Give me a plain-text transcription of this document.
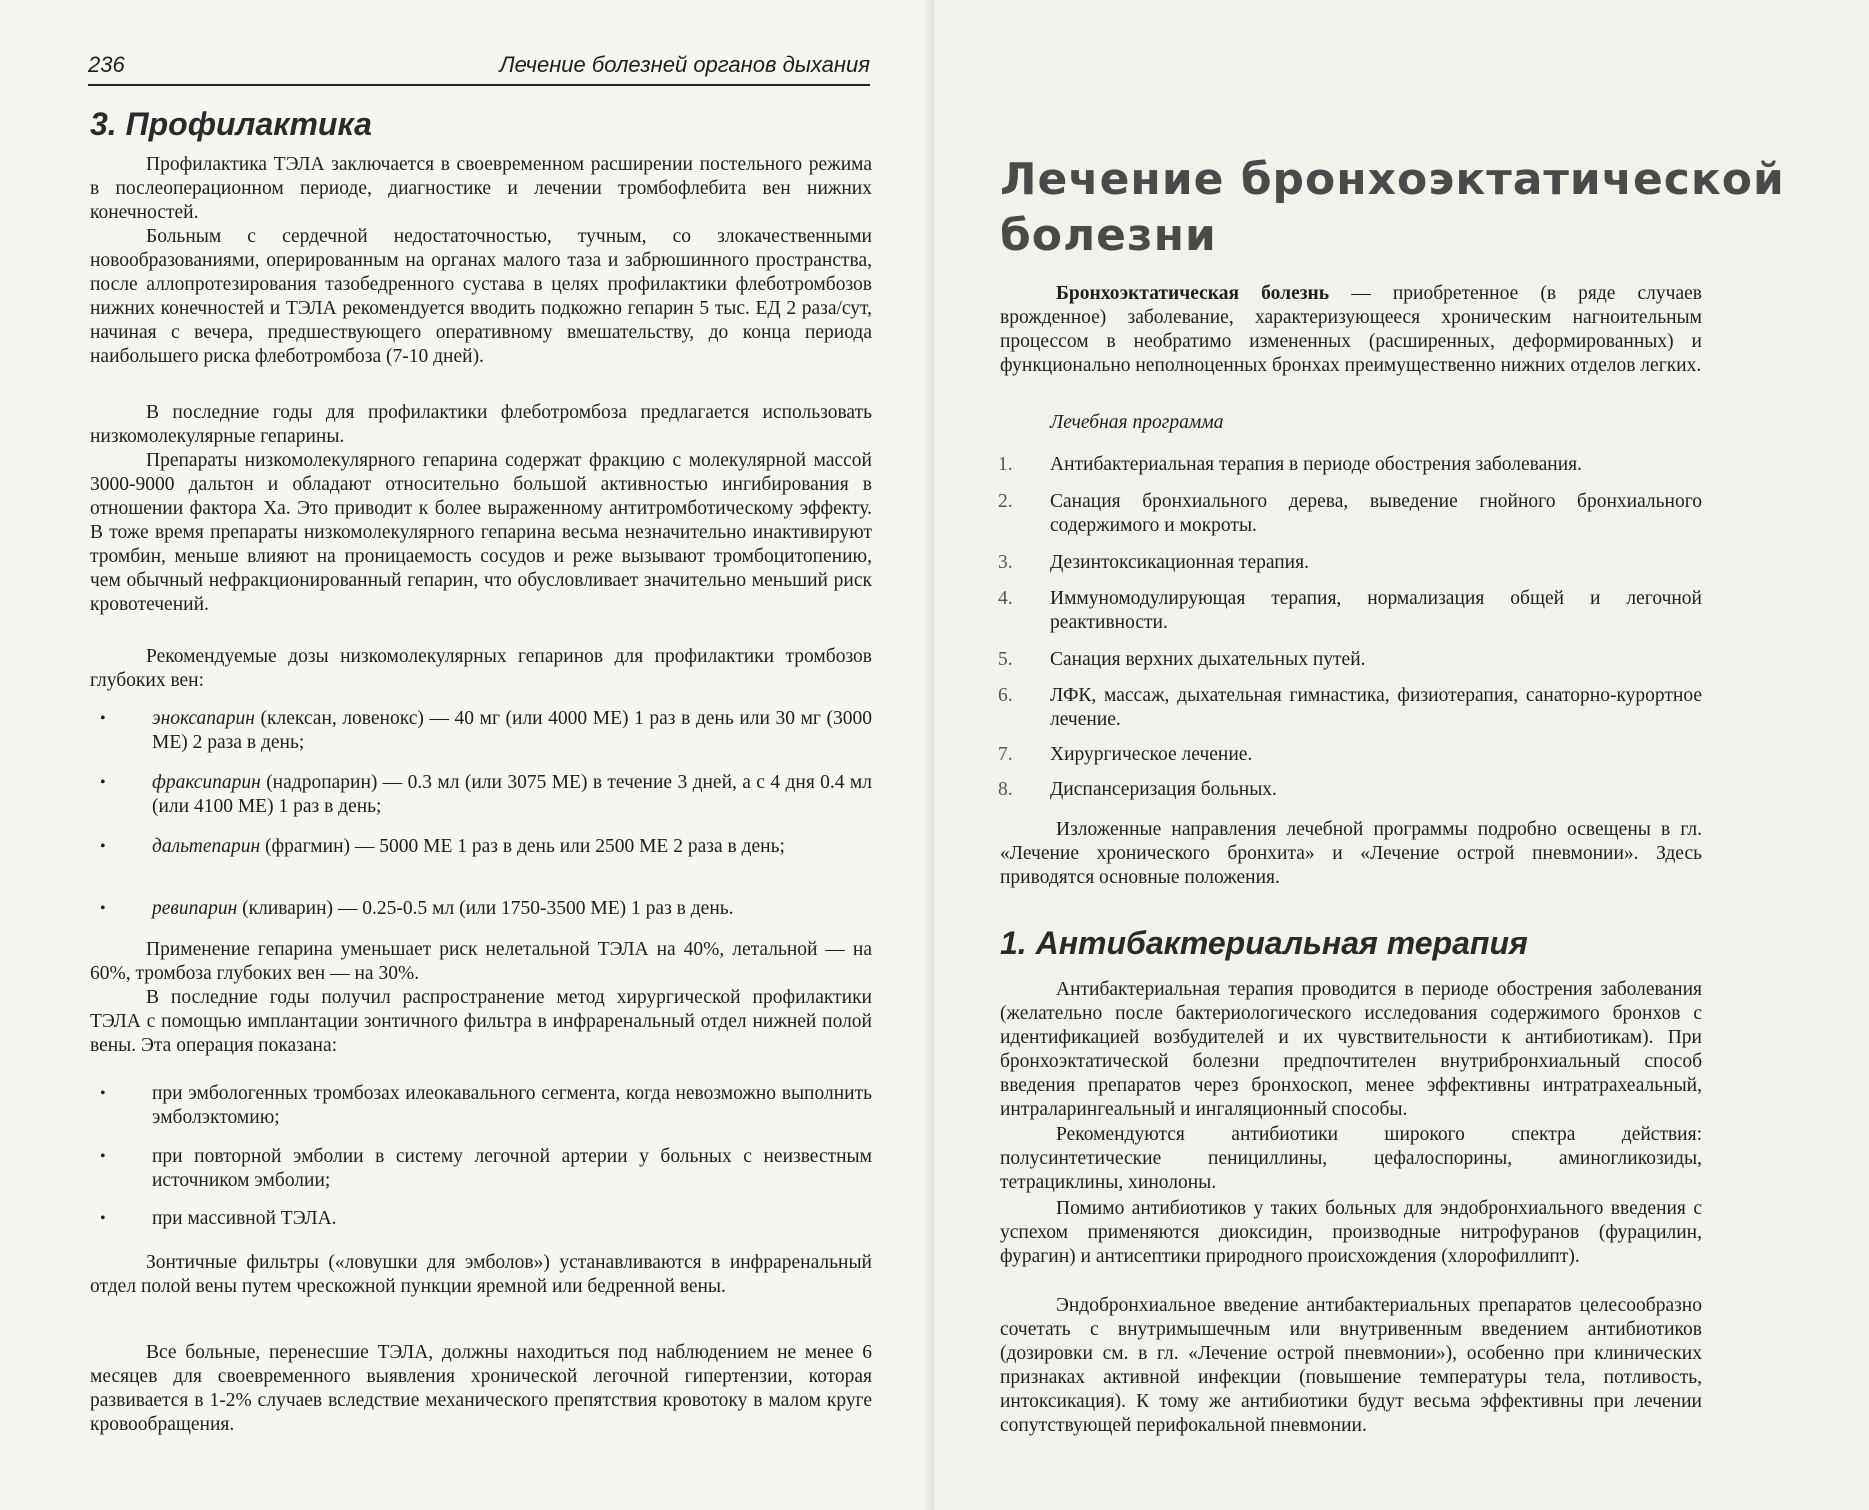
236	Лечение болезней органов дыхания
3. Профилактика

Профилактика ТЭЛА заключается в своевременном расширении постельного режима в послеоперационном периоде, диагностике и лечении тромбофлебита вен нижних конечностей.

Больным с сердечной недостаточностью, тучным, со злокачественными новообразованиями, оперированным на органах малого таза и забрюшинного пространства, после аллопротезирования тазобедренного сустава в целях профилактики флеботромбозов нижних конечностей и ТЭЛА рекомендуется вводить подкожно гепарин 5 тыс. ЕД 2 раза/сут, начиная с вечера, предшествующего оперативному вмешательству, до конца периода наибольшего риска флеботромбоза (7-10 дней).

В последние годы для профилактики флеботромбоза предлагается использовать низкомолекулярные гепарины.

Препараты низкомолекулярного гепарина содержат фракцию с молекулярной массой 3000-9000 дальтон и обладают относительно большой активностью ингибирования в отношении фактора Ха. Это приводит к более выраженному антитромботическому эффекту. В тоже время препараты низкомолекулярного гепарина весьма незначительно инактивируют тромбин, меньше влияют на проницаемость сосудов и реже вызывают тромбоцитопению, чем обычный нефракционированный гепарин, что обусловливает значительно меньший риск кровотечений.

Рекомендуемые дозы низкомолекулярных гепаринов для профилактики тромбозов глубоких вен:

• эноксапарин (клексан, ловенокс) — 40 мг (или 4000 МЕ) 1 раз в день или 30 мг (3000 МЕ) 2 раза в день;
• фраксипарин (надропарин) — 0.3 мл (или 3075 МЕ) в течение 3 дней, а с 4 дня 0.4 мл (или 4100 МЕ) 1 раз в день;
• дальтепарин (фрагмин) — 5000 МЕ 1 раз в день или 2500 МЕ 2 раза в день;
• ревипарин (кливарин) — 0.25-0.5 мл (или 1750-3500 МЕ) 1 раз в день.

Применение гепарина уменьшает риск нелетальной ТЭЛА на 40%, летальной — на 60%, тромбоза глубоких вен — на 30%.

В последние годы получил распространение метод хирургической профилактики ТЭЛА с помощью имплантации зонтичного фильтра в инфраренальный отдел нижней полой вены. Эта операция показана:

• при эмбологенных тромбозах илеокавального сегмента, когда невозможно выполнить эмболэктомию;
• при повторной эмболии в систему легочной артерии у больных с неизвестным источником эмболии;
• при массивной ТЭЛА.

Зонтичные фильтры («ловушки для эмболов») устанавливаются в инфраренальный отдел полой вены путем чрескожной пункции яремной или бедренной вены.

Все больные, перенесшие ТЭЛА, должны находиться под наблюдением не менее 6 месяцев для своевременного выявления хронической легочной гипертензии, которая развивается в 1-2% случаев вследствие механического препятствия кровотоку в малом круге кровообращения.

Лечение бронхоэктатической
болезни

Бронхоэктатическая болезнь — приобретенное (в ряде случаев врожденное) заболевание, характеризующееся хроническим нагноительным процессом в необратимо измененных (расширенных, деформированных) и функционально неполноценных бронхах преимущественно нижних отделов легких.

Лечебная программа

1. Антибактериальная терапия в периоде обострения заболевания.
2. Санация бронхиального дерева, выведение гнойного бронхиального содержимого и мокроты.
3. Дезинтоксикационная терапия.
4. Иммуномодулирующая терапия, нормализация общей и легочной реактивности.
5. Санация верхних дыхательных путей.
6. ЛФК, массаж, дыхательная гимнастика, физиотерапия, санаторно-курортное лечение.
7. Хирургическое лечение.
8. Диспансеризация больных.

Изложенные направления лечебной программы подробно освещены в гл. «Лечение хронического бронхита» и «Лечение острой пневмонии». Здесь приводятся основные положения.

1. Антибактериальная терапия

Антибактериальная терапия проводится в периоде обострения заболевания (желательно после бактериологического исследования содержимого бронхов с идентификацией возбудителей и их чувствительности к антибиотикам). При бронхоэктатической болезни предпочтителен внутрибронхиальный способ введения препаратов через бронхоскоп, менее эффективны интратрахеальный, интраларингеальный и ингаляционный способы.

Рекомендуются антибиотики широкого спектра действия: полусинтетические пенициллины, цефалоспорины, аминогликозиды, тетрациклины, хинолоны.

Помимо антибиотиков у таких больных для эндобронхиального введения с успехом применяются диоксидин, производные нитрофуранов (фурацилин, фурагин) и антисептики природного происхождения (хлорофиллипт).

Эндобронхиальное введение антибактериальных препаратов целесообразно сочетать с внутримышечным или внутривенным введением антибиотиков (дозировки см. в гл. «Лечение острой пневмонии»), особенно при клинических признаках активной инфекции (повышение температуры тела, потливость, интоксикация). К тому же антибиотики будут весьма эффективны при лечении сопутствующей перифокальной пневмонии.
